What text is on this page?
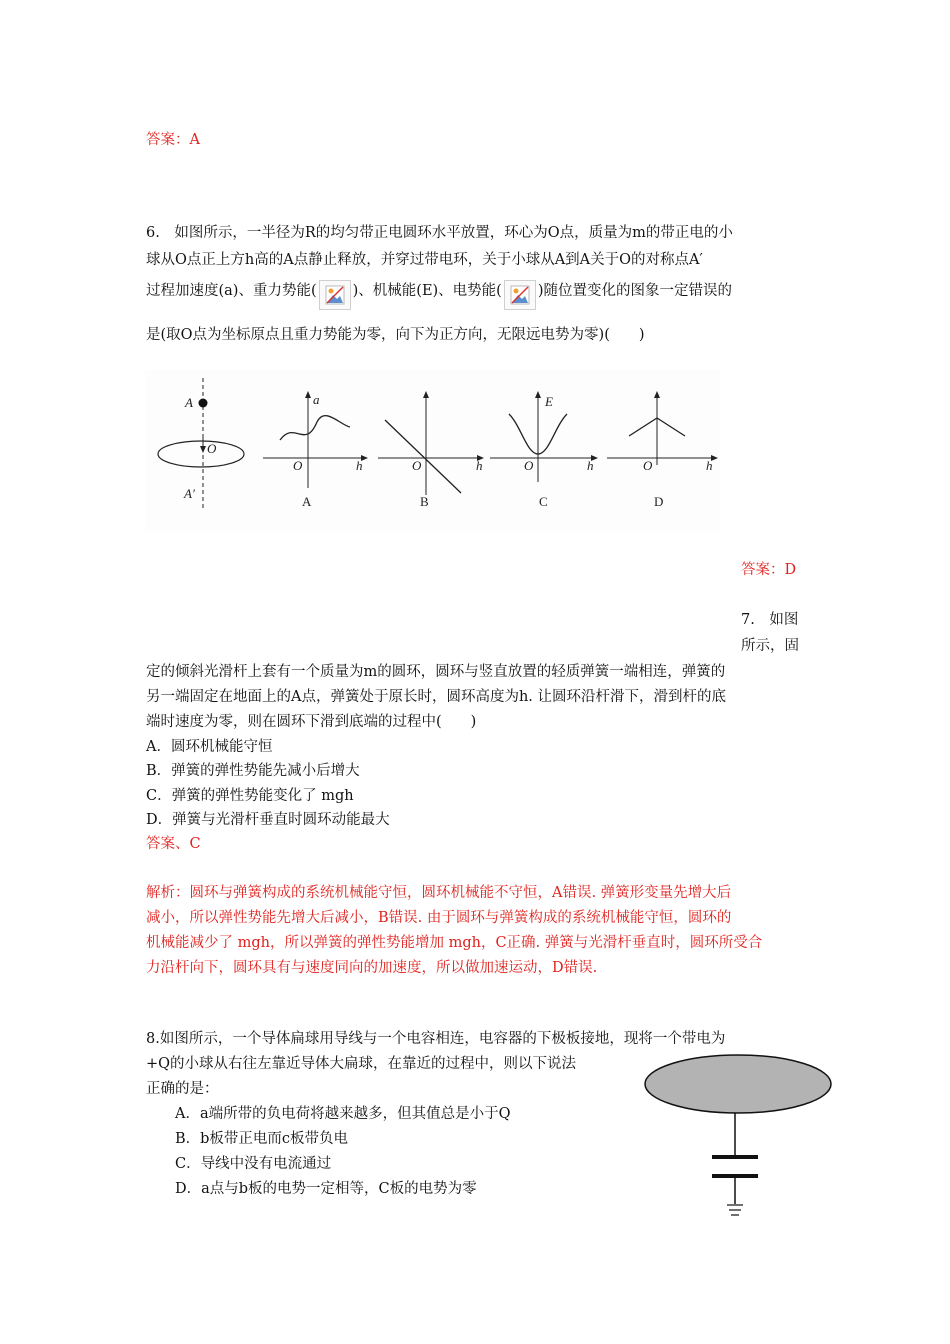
答案：A
6.　如图所示，一半径为R的均匀带正电圆环水平放置，环心为O点，质量为m的带正电的小
球从O点正上方h高的A点静止释放，并穿过带电环，关于小球从A到A关于O的对称点A′
过程加速度(a)、重力势能( )、机械能(E)、电势能( )随位置变化的图象一定错误的
是(取O点为坐标原点且重力势能为零，向下为正方向，无限远电势为零)(　　)
A
O
A′
a
O	h
A
O	h
B
E
O	h
C
O	h
D
答案：D
7.　如图
所示，固
定的倾斜光滑杆上套有一个质量为m的圆环，圆环与竖直放置的轻质弹簧一端相连，弹簧的
另一端固定在地面上的A点，弹簧处于原长时，圆环高度为h. 让圆环沿杆滑下，滑到杆的底
端时速度为零，则在圆环下滑到底端的过程中(　　)
A．圆环机械能守恒
B．弹簧的弹性势能先减小后增大
C．弹簧的弹性势能变化了 mgh
D．弹簧与光滑杆垂直时圆环动能最大
答案、C
解析：圆环与弹簧构成的系统机械能守恒，圆环机械能不守恒，A错误. 弹簧形变量先增大后
减小，所以弹性势能先增大后减小，B错误. 由于圆环与弹簧构成的系统机械能守恒，圆环的
机械能减少了 mgh，所以弹簧的弹性势能增加 mgh，C正确. 弹簧与光滑杆垂直时，圆环所受合
力沿杆向下，圆环具有与速度同向的加速度，所以做加速运动，D错误.
8.如图所示，一个导体扁球用导线与一个电容相连，电容器的下极板接地，现将一个带电为
+Q的小球从右往左靠近导体大扁球，在靠近的过程中，则以下说法
正确的是：
A．a端所带的负电荷将越来越多，但其值总是小于Q
B．b板带正电而c板带负电
C．导线中没有电流通过
D．a点与b板的电势一定相等，C板的电势为零
